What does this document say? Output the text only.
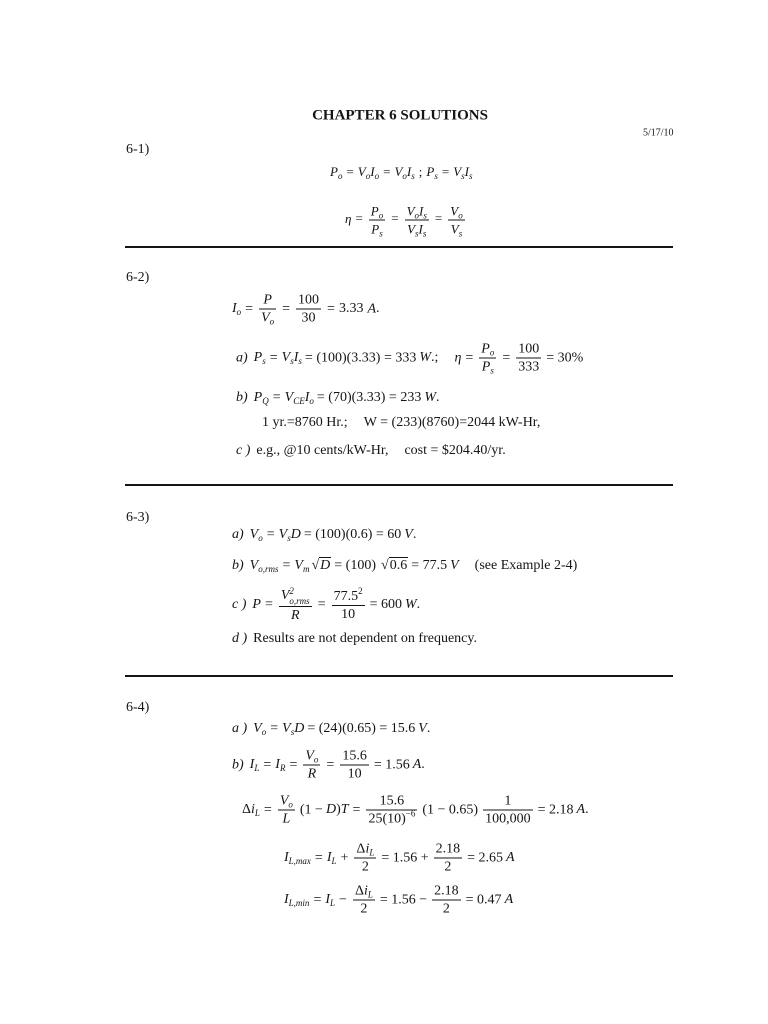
CHAPTER 6 SOLUTIONS
5/17/10
6-1)
$P_o = V_oI_o = V_oI_s$ ; $P_s = V_sI_s$
$\eta = \frac{P_o}{P_s} = V_oI_s$
$V_sI_s$
= $\frac{V_o}{V_s}$
6-2)
$I_o = \frac{P}{V_o} = \frac{100}{30} = 3.33$ A.
a) $P_s = V_sI_s = (100)(3.33) = 333$ W.; $\eta = \frac{P_o}{P_s} = \frac{100}{333} = 30\%$
b) $P_Q = V_{CE}I_o = (70)(3.33) = 233$ W.
1 yr.=8760 Hr.; W = (233)(8760)=2044 kW-Hr,
c ) e.g., @10 cents/kW-Hr, cost = $204.40/yr.
6-3)
a) $V_o = V_sD = (100)(0.6) = 60$ V.
b) $V_{o,rms} = V_m$ √D = (100) √0.6 = 77.5 V (see Example 2-4)
c ) P =
V 2
o,rms
R
= $\frac{77.5^2}{10} = 600$ W.
d ) Results are not dependent on frequency.
6-4)
a ) $V_o = V_sD = (24)(0.65) = 15.6$ V.
b) $I_L = I_R = \frac{V_o}{R} = \frac{15.6}{10} = 1.56$ A.
$\Delta i_L = \frac{V_o}{L} (1 - D)T = \frac{15.6}{25(10)^{-6}} (1 - 0.65) \frac{1}{100,000} = 2.18$ A.
$I_{L,max} = I_L$ +
$\Delta i_L$
2
= $1.56 + \frac{2.18}{2} = 2.65$ A
$I_{L,min} = I_L$ −
$\Delta i_L$
2
= $1.56 - \frac{2.18}{2} = 0.47$ A
